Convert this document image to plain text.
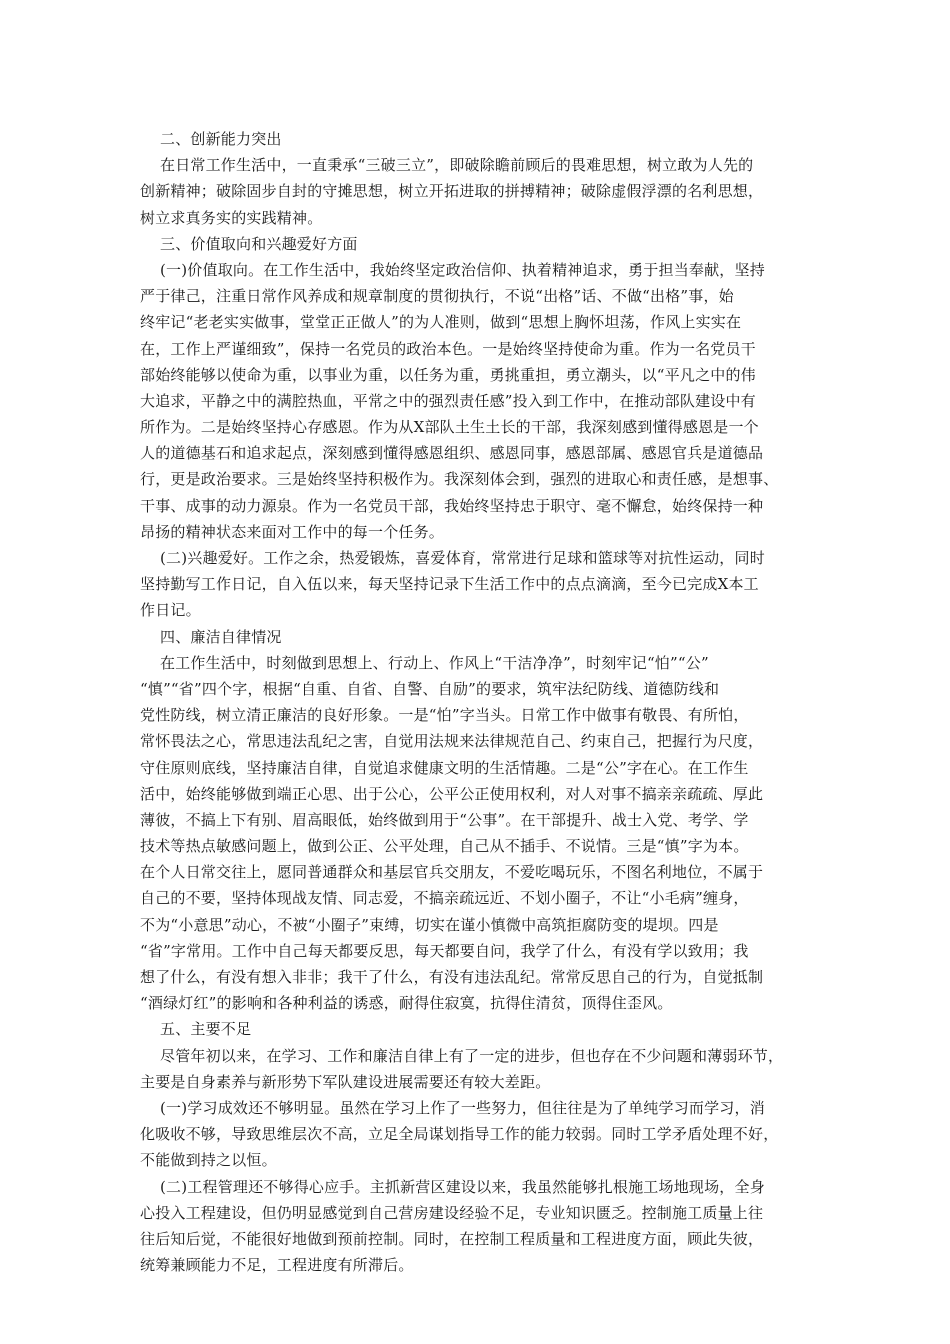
二、创新能力突出
在日常工作生活中，一直秉承“三破三立”，即破除瞻前顾后的畏难思想，树立敢为人先的
创新精神；破除固步自封的守摊思想，树立开拓进取的拼搏精神；破除虚假浮漂的名利思想，
树立求真务实的实践精神。
三、价值取向和兴趣爱好方面
(一)价值取向。在工作生活中，我始终坚定政治信仰、执着精神追求，勇于担当奉献，坚持
严于律己，注重日常作风养成和规章制度的贯彻执行，不说“出格”话、不做“出格”事，始
终牢记“老老实实做事，堂堂正正做人”的为人准则，做到“思想上胸怀坦荡，作风上实实在
在，工作上严谨细致”，保持一名党员的政治本色。一是始终坚持使命为重。作为一名党员干
部始终能够以使命为重，以事业为重，以任务为重，勇挑重担，勇立潮头，以“平凡之中的伟
大追求，平静之中的满腔热血，平常之中的强烈责任感”投入到工作中，在推动部队建设中有
所作为。二是始终坚持心存感恩。作为从X部队土生土长的干部，我深刻感到懂得感恩是一个
人的道德基石和追求起点，深刻感到懂得感恩组织、感恩同事，感恩部属、感恩官兵是道德品
行，更是政治要求。三是始终坚持积极作为。我深刻体会到，强烈的进取心和责任感，是想事、
干事、成事的动力源泉。作为一名党员干部，我始终坚持忠于职守、毫不懈怠，始终保持一种
昂扬的精神状态来面对工作中的每一个任务。
(二)兴趣爱好。工作之余，热爱锻炼，喜爱体育，常常进行足球和篮球等对抗性运动，同时
坚持勤写工作日记，自入伍以来，每天坚持记录下生活工作中的点点滴滴，至今已完成X本工
作日记。
四、廉洁自律情况
在工作生活中，时刻做到思想上、行动上、作风上“干洁净净”，时刻牢记“怕”“公”
“慎”“省”四个字，根据“自重、自省、自警、自励”的要求，筑牢法纪防线、道德防线和
党性防线，树立清正廉洁的良好形象。一是“怕”字当头。日常工作中做事有敬畏、有所怕，
常怀畏法之心，常思违法乱纪之害，自觉用法规来法律规范自己、约束自己，把握行为尺度，
守住原则底线，坚持廉洁自律，自觉追求健康文明的生活情趣。二是“公”字在心。在工作生
活中，始终能够做到端正心思、出于公心，公平公正使用权利，对人对事不搞亲亲疏疏、厚此
薄彼，不搞上下有别、眉高眼低，始终做到用于“公事”。在干部提升、战士入党、考学、学
技术等热点敏感问题上，做到公正、公平处理，自己从不插手、不说情。三是“慎”字为本。
在个人日常交往上，愿同普通群众和基层官兵交朋友，不爱吃喝玩乐，不图名利地位，不属于
自己的不要，坚持体现战友情、同志爱，不搞亲疏远近、不划小圈子，不让“小毛病”缠身，
不为“小意思”动心，不被“小圈子”束缚，切实在谨小慎微中高筑拒腐防变的堤坝。四是
“省”字常用。工作中自己每天都要反思，每天都要自问，我学了什么，有没有学以致用；我
想了什么，有没有想入非非；我干了什么，有没有违法乱纪。常常反思自己的行为，自觉抵制
“酒绿灯红”的影响和各种利益的诱惑，耐得住寂寞，抗得住清贫，顶得住歪风。
五、主要不足
尽管年初以来，在学习、工作和廉洁自律上有了一定的进步，但也存在不少问题和薄弱环节，
主要是自身素养与新形势下军队建设进展需要还有较大差距。
(一)学习成效还不够明显。虽然在学习上作了一些努力，但往往是为了单纯学习而学习，消
化吸收不够，导致思维层次不高，立足全局谋划指导工作的能力较弱。同时工学矛盾处理不好，
不能做到持之以恒。
(二)工程管理还不够得心应手。主抓新营区建设以来，我虽然能够扎根施工场地现场，全身
心投入工程建设，但仍明显感觉到自己营房建设经验不足，专业知识匮乏。控制施工质量上往
往后知后觉，不能很好地做到预前控制。同时，在控制工程质量和工程进度方面，顾此失彼，
统筹兼顾能力不足，工程进度有所滞后。
